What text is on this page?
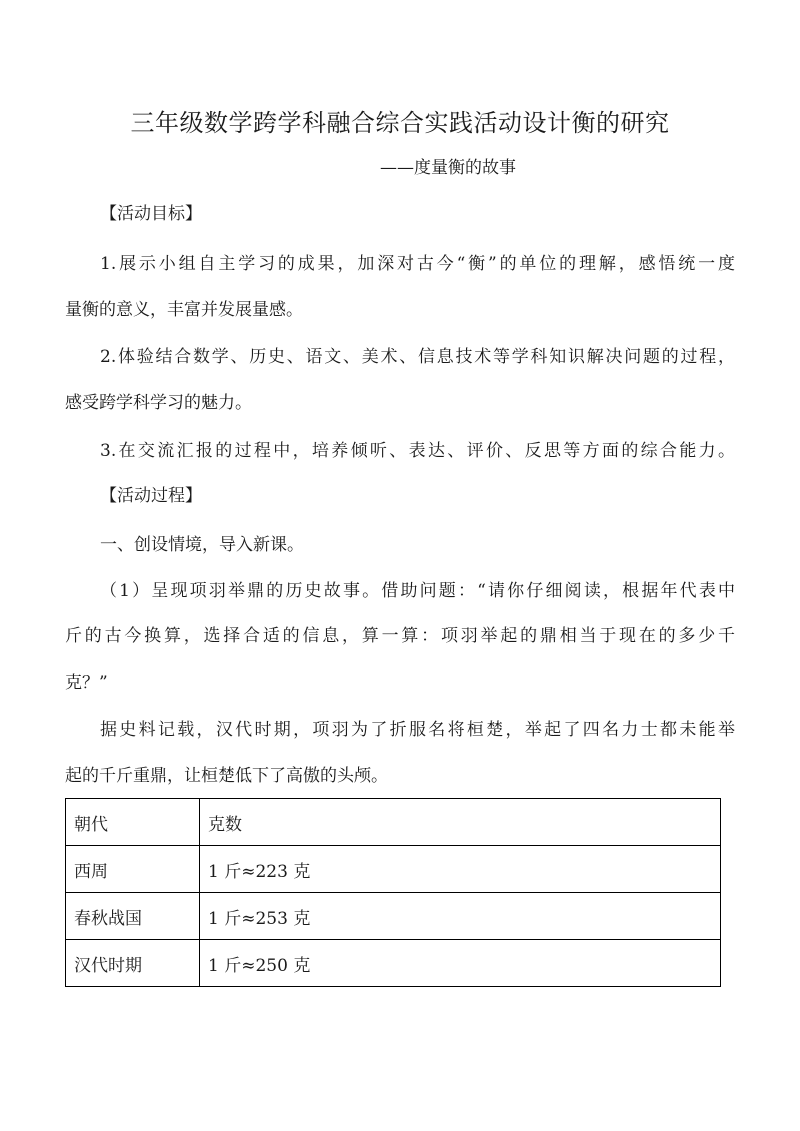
三年级数学跨学科融合综合实践活动设计衡的研究
——度量衡的故事
【活动目标】
1.展示小组自主学习的成果，加深对古今“衡”的单位的理解，感悟统一度
量衡的意义，丰富并发展量感。
2.体验结合数学、历史、语文、美术、信息技术等学科知识解决问题的过程，
感受跨学科学习的魅力。
3.在交流汇报的过程中，培养倾听、表达、评价、反思等方面的综合能力。
【活动过程】
一、创设情境，导入新课。
（1）呈现项羽举鼎的历史故事。借助问题：“请你仔细阅读，根据年代表中
斤的古今换算，选择合适的信息，算一算：项羽举起的鼎相当于现在的多少千
克？”
据史料记载，汉代时期，项羽为了折服名将桓楚，举起了四名力士都未能举
起的千斤重鼎，让桓楚低下了高傲的头颅。
朝代	克数
西周	1 斤≈223 克
春秋战国	1 斤≈253 克
汉代时期	1 斤≈250 克
